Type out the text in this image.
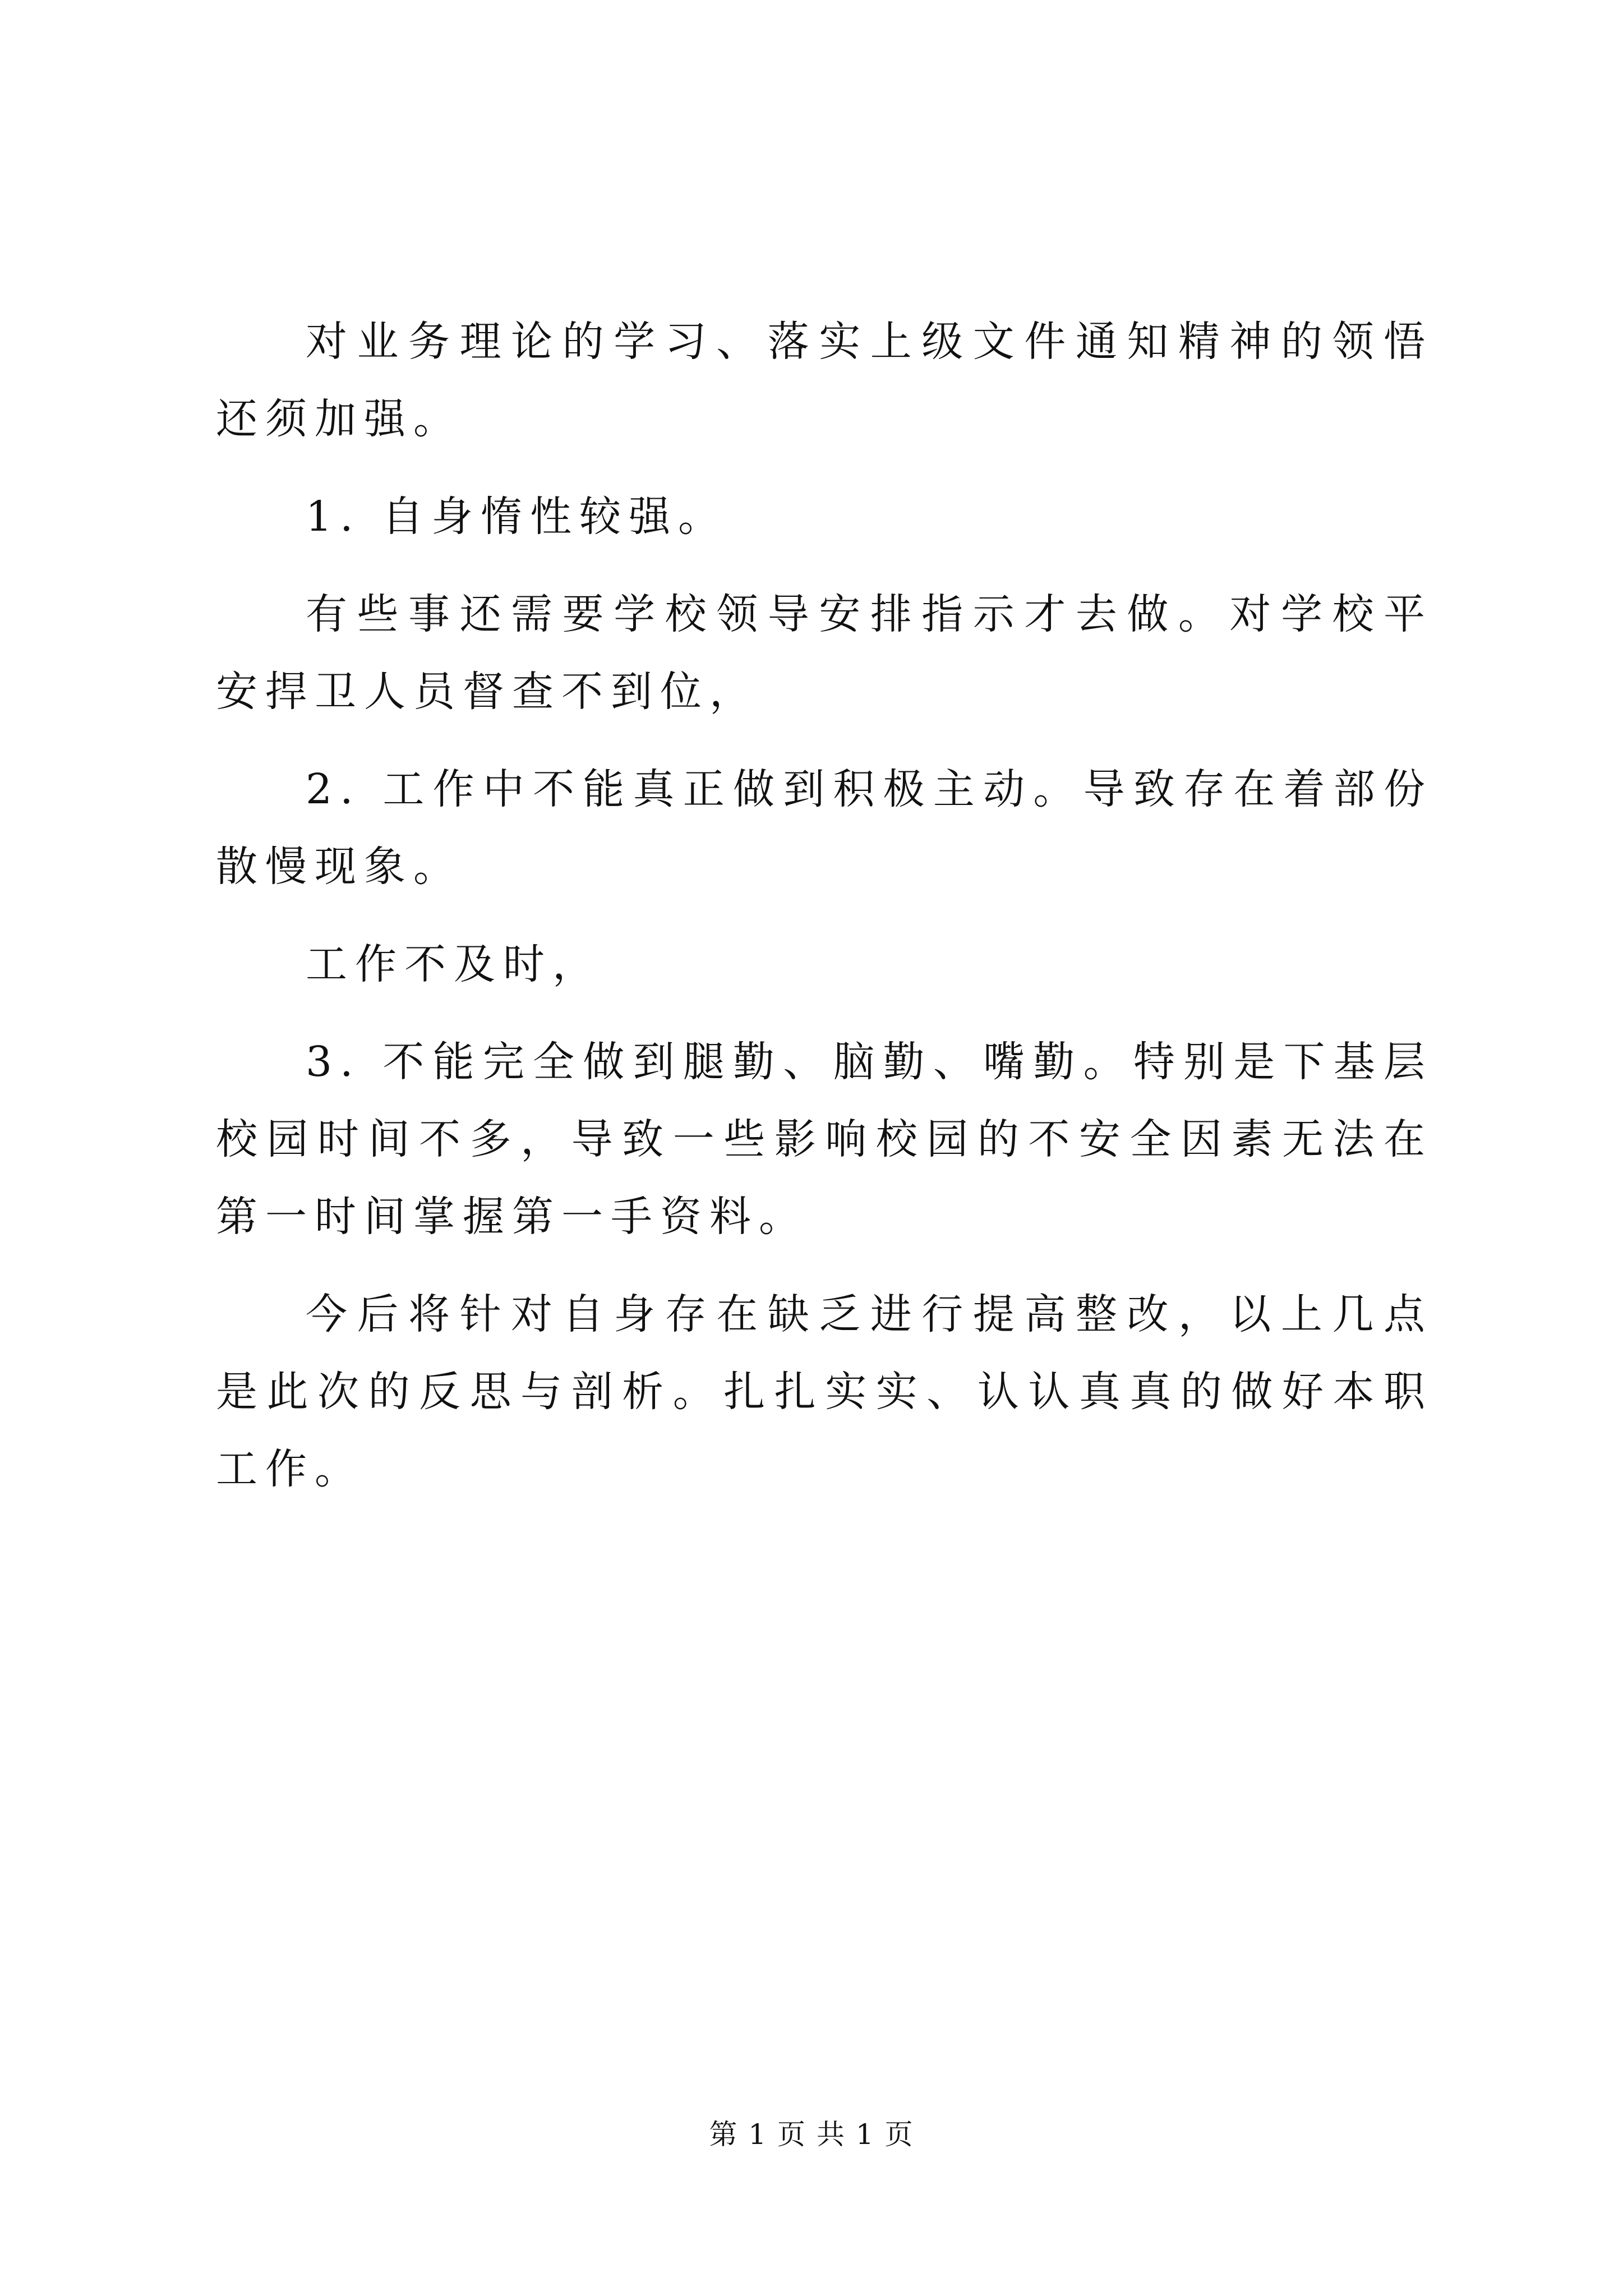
对业务理论的学习、落实上级文件通知精神的领悟还须加强。

1. 自身惰性较强。

有些事还需要学校领导安排指示才去做。对学校平安捍卫人员督查不到位，

2. 工作中不能真正做到积极主动。导致存在着部份散慢现象。

工作不及时，

3. 不能完全做到腿勤、脑勤、嘴勤。特别是下基层校园时间不多，导致一些影响校园的不安全因素无法在第一时间掌握第一手资料。

今后将针对自身存在缺乏进行提高整改，以上几点是此次的反思与剖析。扎扎实实、认认真真的做好本职工作。

第 1 页 共 1 页
